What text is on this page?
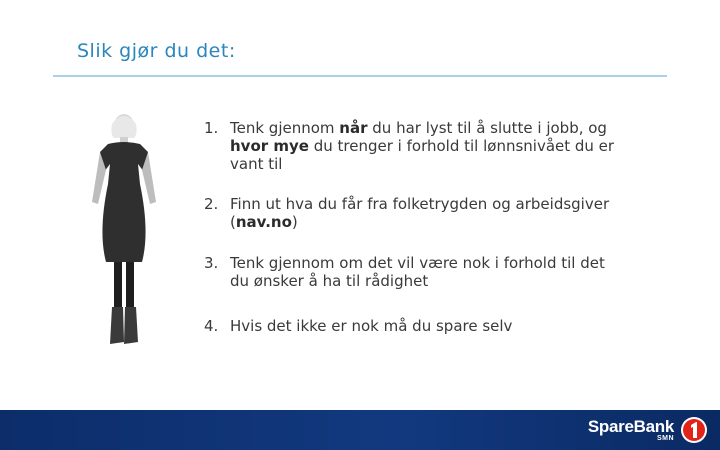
Slik gjør du det:
1. Tenk gjennom når du har lyst til å slutte i jobb, og hvor mye du trenger i forhold til lønnsnivået du er vant til
2. Finn ut hva du får fra folketrygden og arbeidsgiver (nav.no)
3. Tenk gjennom om det vil være nok i forhold til det du ønsker å ha til rådighet
4. Hvis det ikke er nok må du spare selv
SpareBank
SMN
